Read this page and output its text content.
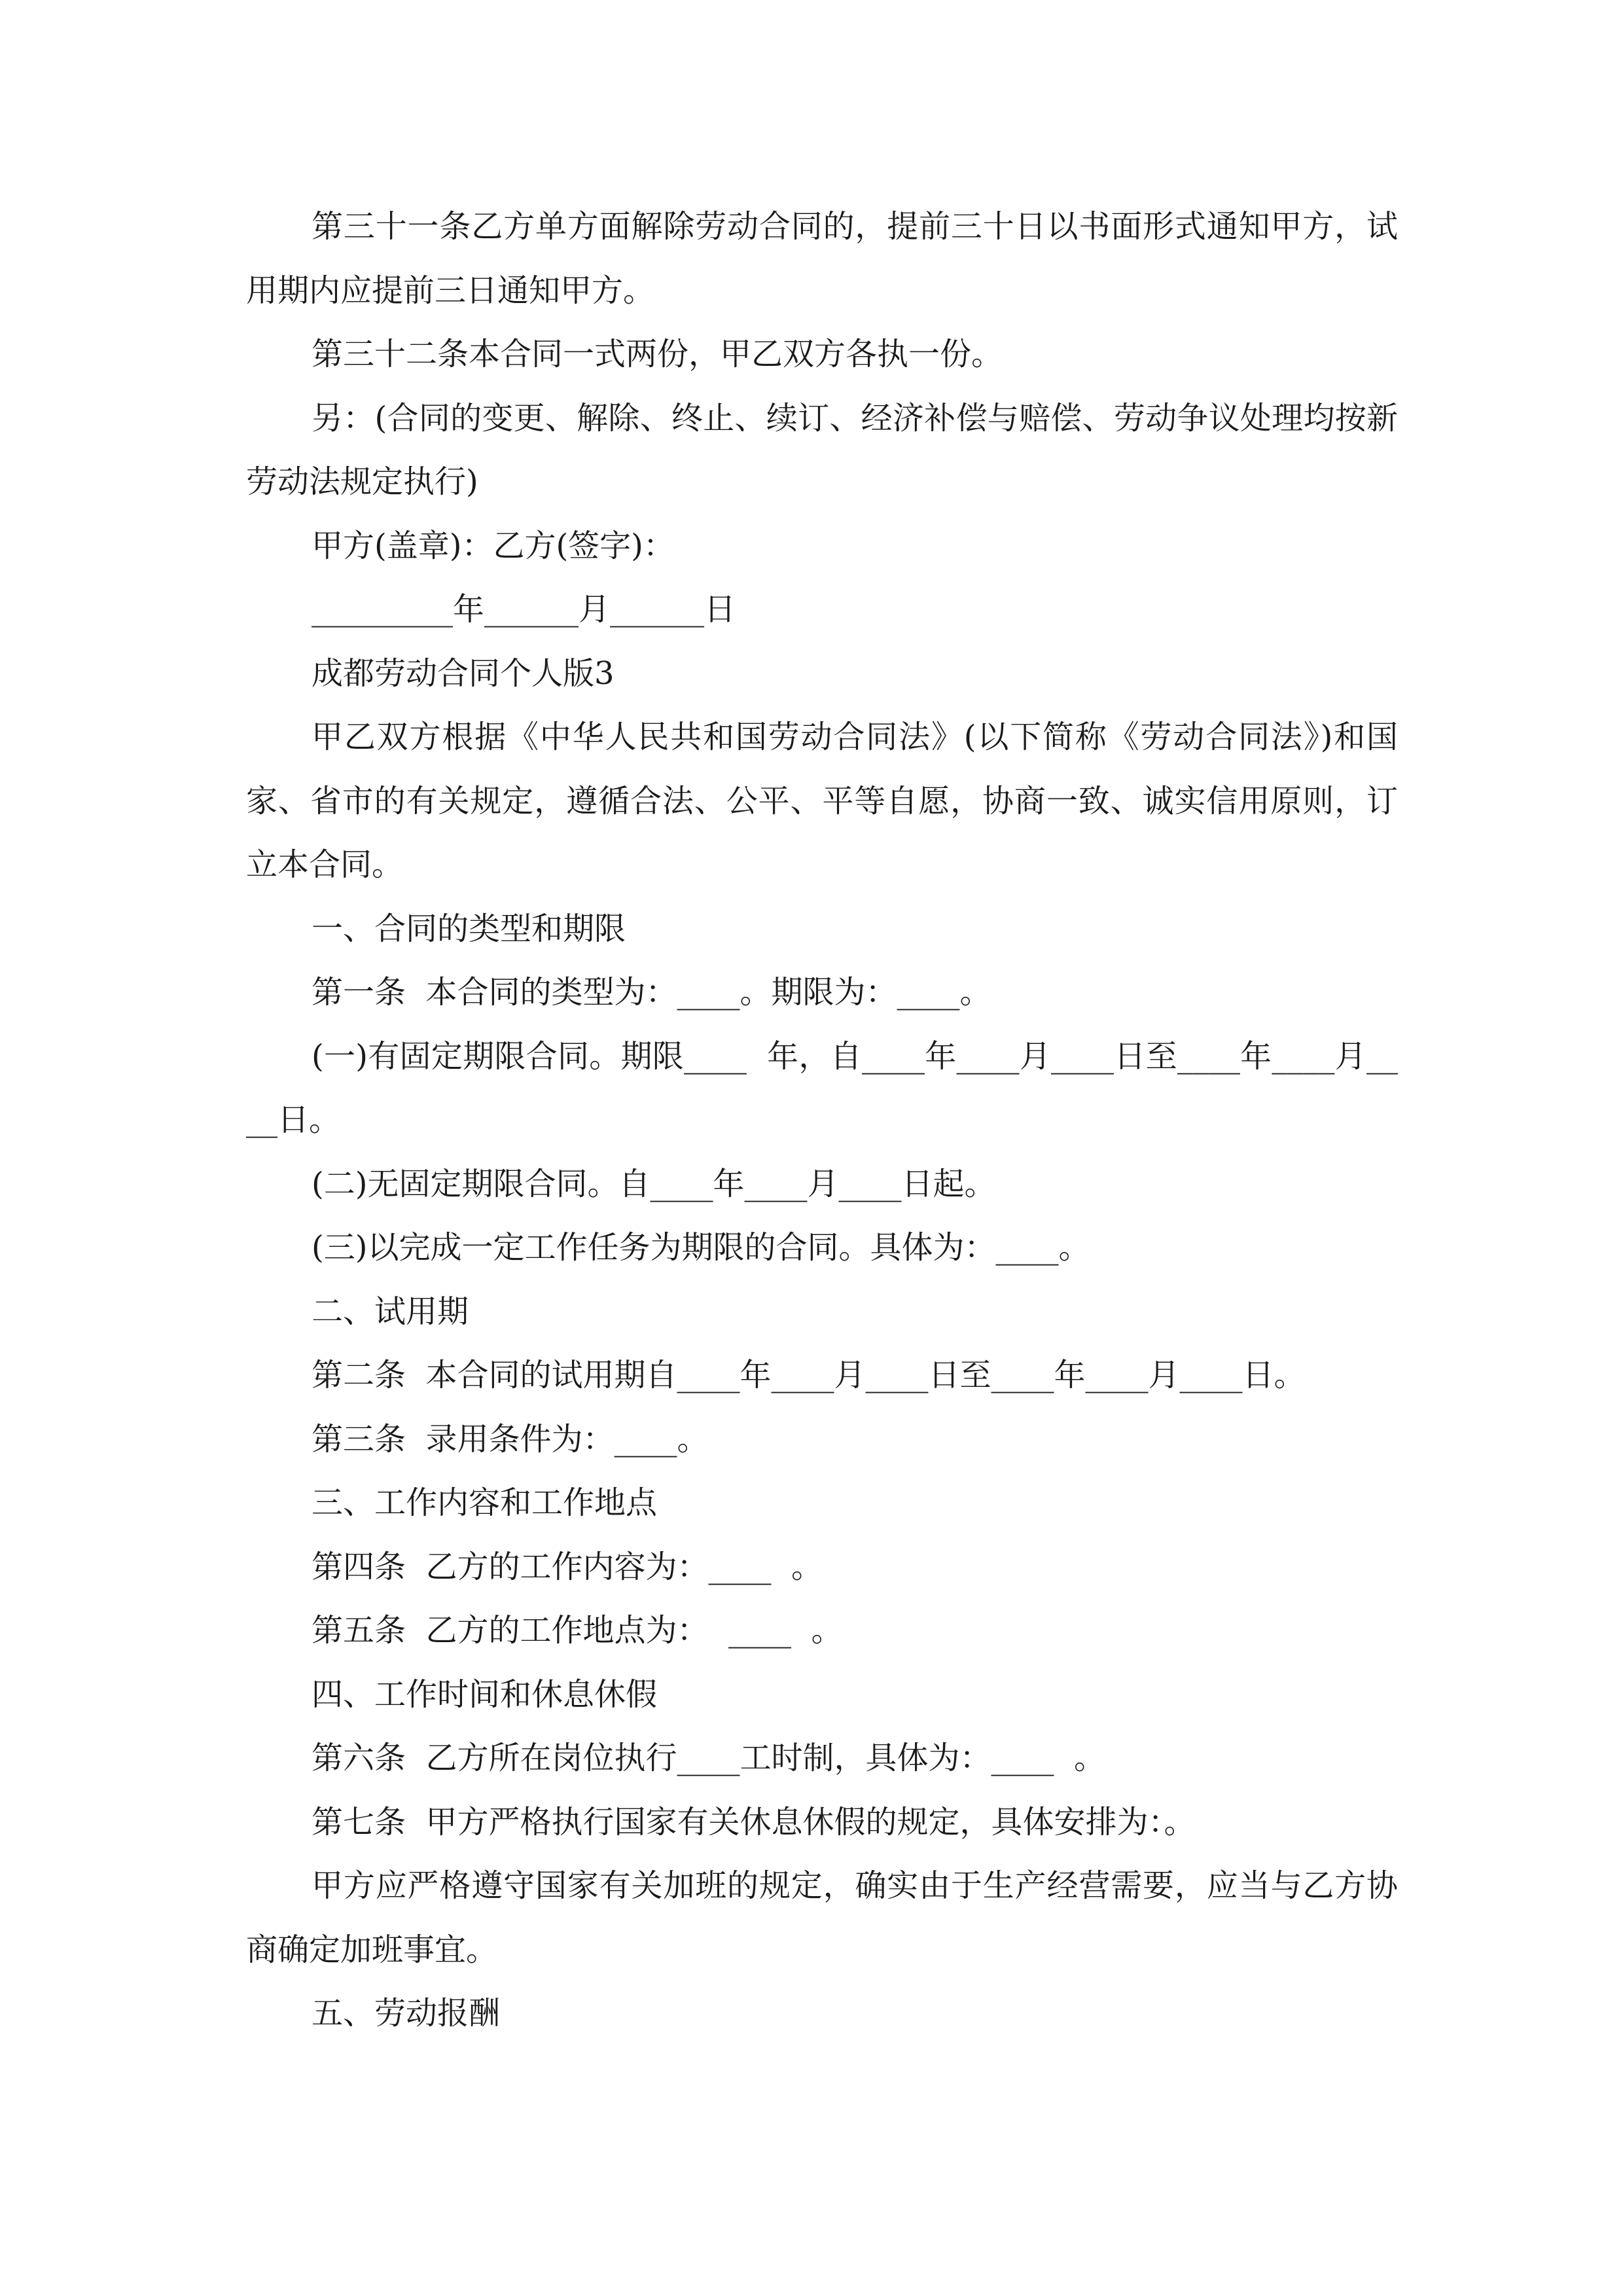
第三十一条乙方单方面解除劳动合同的，提前三十日以书面形式通知甲方，试用期内应提前三日通知甲方。

第三十二条本合同一式两份，甲乙双方各执一份。

另：(合同的变更、解除、终止、续订、经济补偿与赔偿、劳动争议处理均按新劳动法规定执行)

甲方(盖章)：乙方(签字)：

_________年______月______日

成都劳动合同个人版3

甲乙双方根据《中华人民共和国劳动合同法》(以下简称《劳动合同法》)和国家、省市的有关规定，遵循合法、公平、平等自愿，协商一致、诚实信用原则，订立本合同。

一、合同的类型和期限

第一条  本合同的类型为：____。期限为：____。

(一)有固定期限合同。期限____  年，自____年____月____日至____年____月____日。

(二)无固定期限合同。自____年____月____日起。

(三)以完成一定工作任务为期限的合同。具体为：____。

二、试用期

第二条  本合同的试用期自____年____月____日至____年____月____日。

第三条  录用条件为：____。

三、工作内容和工作地点

第四条  乙方的工作内容为：____  。

第五条  乙方的工作地点为：  ____  。

四、工作时间和休息休假

第六条  乙方所在岗位执行____工时制，具体为：____  。

第七条  甲方严格执行国家有关休息休假的规定，具体安排为：。

甲方应严格遵守国家有关加班的规定，确实由于生产经营需要，应当与乙方协商确定加班事宜。

五、劳动报酬
